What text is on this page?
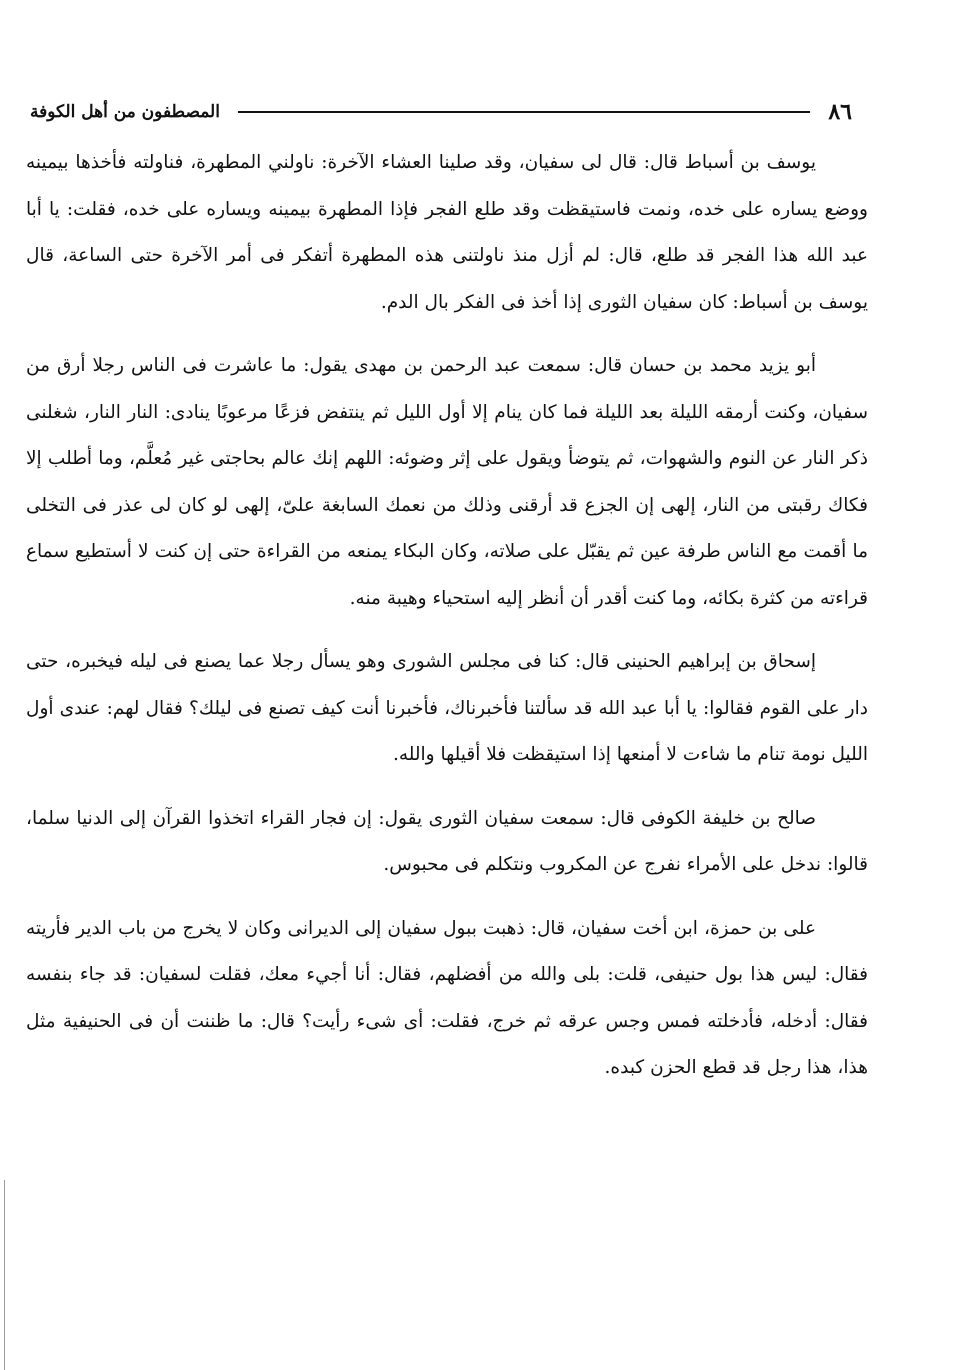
المصطفون من أهل الكوفة	٨٦

يوسف بن أسباط قال: قال لى سفيان، وقد صلينا العشاء الآخرة: ناولني المطهرة، فناولته فأخذها بيمينه ووضع يساره على خده، ونمت فاستيقظت وقد طلع الفجر فإذا المطهرة بيمينه ويساره على خده، فقلت: يا أبا عبد الله هذا الفجر قد طلع، قال: لم أزل منذ ناولتنى هذه المطهرة أتفكر فى أمر الآخرة حتى الساعة، قال يوسف بن أسباط: كان سفيان الثورى إذا أخذ فى الفكر بال الدم.

أبو يزيد محمد بن حسان قال: سمعت عبد الرحمن بن مهدى يقول: ما عاشرت فى الناس رجلا أرق من سفيان، وكنت أرمقه الليلة بعد الليلة فما كان ينام إلا أول الليل ثم ينتفض فزعًا مرعوبًا ينادى: النار النار، شغلنى ذكر النار عن النوم والشهوات، ثم يتوضأ ويقول على إثر وضوئه: اللهم إنك عالم بحاجتى غير مُعلَّم، وما أطلب إلا فكاك رقبتى من النار، إلهى إن الجزع قد أرقنى وذلك من نعمك السابغة علىّ، إلهى لو كان لى عذر فى التخلى ما أقمت مع الناس طرفة عين ثم يقبّل على صلاته، وكان البكاء يمنعه من القراءة حتى إن كنت لا أستطيع سماع قراءته من كثرة بكائه، وما كنت أقدر أن أنظر إليه استحياء وهيبة منه.

إسحاق بن إبراهيم الحنينى قال: كنا فى مجلس الشورى وهو يسأل رجلا عما يصنع فى ليله فيخبره، حتى دار على القوم فقالوا: يا أبا عبد الله قد سألتنا فأخبرناك، فأخبرنا أنت كيف تصنع فى ليلك؟ فقال لهم: عندى أول الليل نومة تنام ما شاءت لا أمنعها إذا استيقظت فلا أقيلها والله.

صالح بن خليفة الكوفى قال: سمعت سفيان الثورى يقول: إن فجار القراء اتخذوا القرآن إلى الدنيا سلما، قالوا: ندخل على الأمراء نفرج عن المكروب ونتكلم فى محبوس.

على بن حمزة، ابن أخت سفيان، قال: ذهبت ببول سفيان إلى الديرانى وكان لا يخرج من باب الدير فأريته فقال: ليس هذا بول حنيفى، قلت: بلى والله من أفضلهم، فقال: أنا أجيء معك، فقلت لسفيان: قد جاء بنفسه فقال: أدخله، فأدخلته فمس وجس عرقه ثم خرج، فقلت: أى شىء رأيت؟ قال: ما ظننت أن فى الحنيفية مثل هذا، هذا رجل قد قطع الحزن كبده.
